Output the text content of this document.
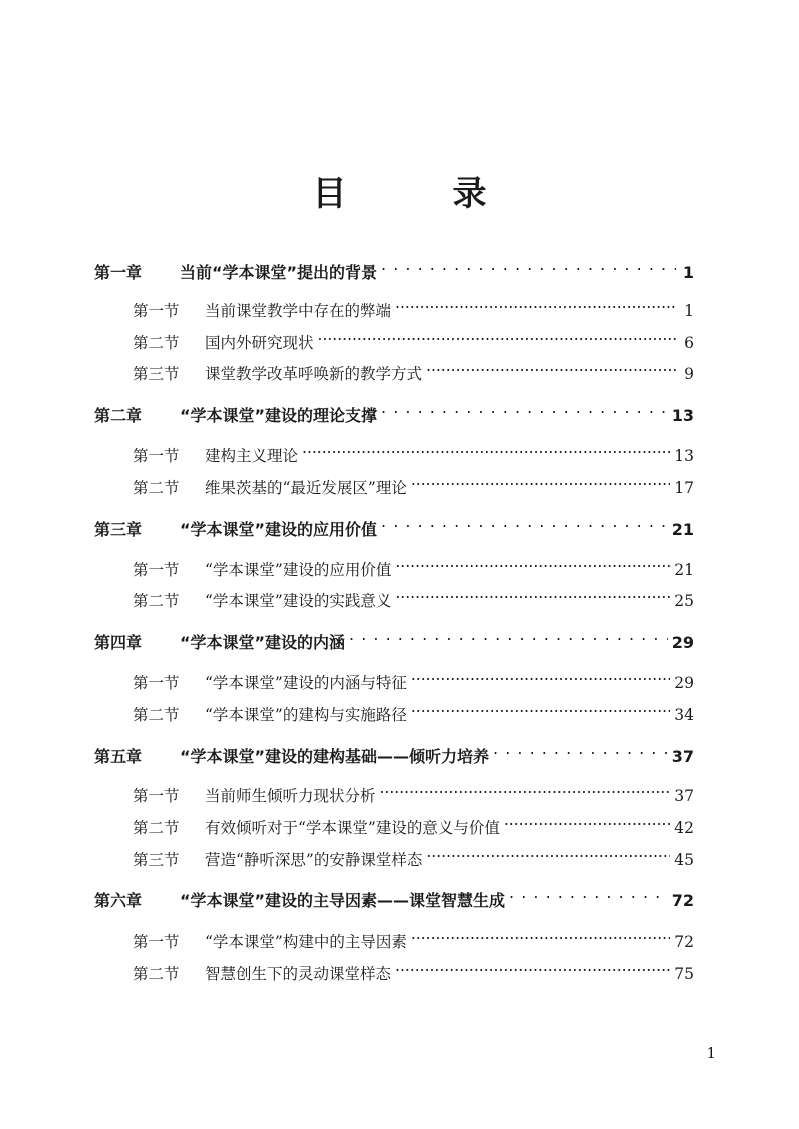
目　录
第一章	当前“学本课堂”提出的背景 . . .	1
第一节	当前课堂教学中存在的弊端 .....	1
第二节	国内外研究现状 .....	6
第三节	课堂教学改革呼唤新的教学方式 .....	9
第二章	“学本课堂”建设的理论支撑 . . .	13
第一节	建构主义理论 .....	13
第二节	维果茨基的“最近发展区”理论 .....	17
第三章	“学本课堂”建设的应用价值 . . .	21
第一节	“学本课堂”建设的应用价值 .....	21
第二节	“学本课堂”建设的实践意义 .....	25
第四章	“学本课堂”建设的内涵 . . .	29
第一节	“学本课堂”建设的内涵与特征 .....	29
第二节	“学本课堂”的建构与实施路径 .....	34
第五章	“学本课堂”建设的建构基础——倾听力培养 . . .	37
第一节	当前师生倾听力现状分析 .....	37
第二节	有效倾听对于“学本课堂”建设的意义与价值 .....	42
第三节	营造“静听深思”的安静课堂样态 .....	45
第六章	“学本课堂”建设的主导因素——课堂智慧生成 . . .	72
第一节	“学本课堂”构建中的主导因素 .....	72
第二节	智慧创生下的灵动课堂样态 .....	75
1
